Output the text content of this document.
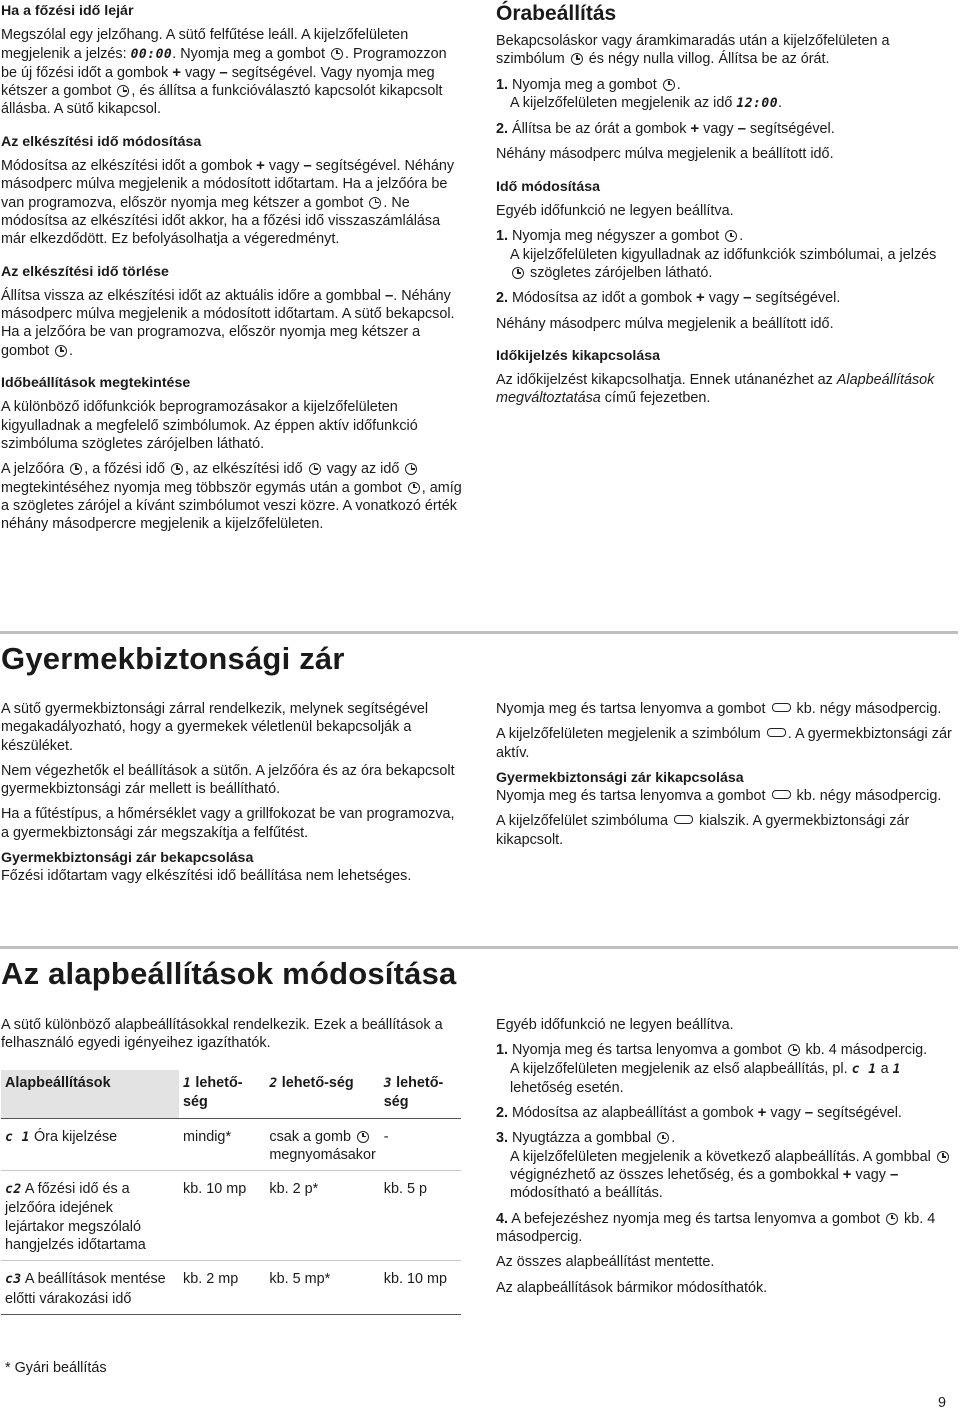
Ha a főzési idő lejár

Megszólal egy jelzőhang. A sütő felfűtése leáll. A kijelzőfelületen megjelenik a jelzés: 00:00. Nyomja meg a gombot . Programozzon be új főzési időt a gombok + vagy – segítségével. Vagy nyomja meg kétszer a gombot , és állítsa a funkcióválasztó kapcsolót kikapcsolt állásba. A sütő kikapcsol.

Az elkészítési idő módosítása

Módosítsa az elkészítési időt a gombok + vagy – segítségével. Néhány másodperc múlva megjelenik a módosított időtartam. Ha a jelzőóra be van programozva, először nyomja meg kétszer a gombot . Ne módosítsa az elkészítési időt akkor, ha a főzési idő visszaszámlálása már elkezdődött. Ez befolyásolhatja a végeredményt.

Az elkészítési idő törlése

Állítsa vissza az elkészítési időt az aktuális időre a gombbal –. Néhány másodperc múlva megjelenik a módosított időtartam. A sütő bekapcsol. Ha a jelzőóra be van programozva, először nyomja meg kétszer a gombot .

Időbeállítások megtekintése

A különböző időfunkciók beprogramozásakor a kijelzőfelületen kigyulladnak a megfelelő szimbólumok. Az éppen aktív időfunkció szimbóluma szögletes zárójelben látható.

A jelzőóra , a főzési idő , az elkészítési idő  vagy az idő  megtekintéséhez nyomja meg többször egymás után a gombot , amíg a szögletes zárójel a kívánt szimbólumot veszi közre. A vonatkozó érték néhány másodpercre megjelenik a kijelzőfelületen.

Órabeállítás

Bekapcsoláskor vagy áramkimaradás után a kijelzőfelületen a szimbólum  és négy nulla villog. Állítsa be az órát.

1. Nyomja meg a gombot .
A kijelzőfelületen megjelenik az idő 12:00.
2. Állítsa be az órát a gombok + vagy – segítségével.

Néhány másodperc múlva megjelenik a beállított idő.

Idő módosítása

Egyéb időfunkció ne legyen beállítva.

1. Nyomja meg négyszer a gombot .
A kijelzőfelületen kigyulladnak az időfunkciók szimbólumai, a jelzés  szögletes zárójelben látható.
2. Módosítsa az időt a gombok + vagy – segítségével.

Néhány másodperc múlva megjelenik a beállított idő.

Időkijelzés kikapcsolása

Az időkijelzést kikapcsolhatja. Ennek utánanézhet az Alapbeállítások megváltoztatása című fejezetben.

Gyermekbiztonsági zár

A sütő gyermekbiztonsági zárral rendelkezik, melynek segítségével megakadályozható, hogy a gyermekek véletlenül bekapcsolják a készüléket.

Nem végezhetők el beállítások a sütőn. A jelzőóra és az óra bekapcsolt gyermekbiztonsági zár mellett is beállítható.

Ha a fűtéstípus, a hőmérséklet vagy a grillfokozat be van programozva, a gyermekbiztonsági zár megszakítja a felfűtést.

Gyermekbiztonsági zár bekapcsolása

Főzési időtartam vagy elkészítési idő beállítása nem lehetséges.

Nyomja meg és tartsa lenyomva a gombot  kb. négy másodpercig.

A kijelzőfelületen megjelenik a szimbólum . A gyermekbiztonsági zár aktív.

Gyermekbiztonsági zár kikapcsolása

Nyomja meg és tartsa lenyomva a gombot  kb. négy másodpercig.

A kijelzőfelület szimbóluma  kialszik. A gyermekbiztonsági zár kikapcsolt.

Az alapbeállítások módosítása

A sütő különböző alapbeállításokkal rendelkezik. Ezek a beállítások a felhasználó egyedi igényeihez igazíthatók.

Alapbeállítások	1 lehető-ség	2 lehető-ség	3 lehető-ség
c 1 Óra kijelzése	mindig*	csak a gomb  megnyomásakor	-
c2 A főzési idő és a jelzőóra idejének lejártakor megszólaló hangjelzés időtartama	kb. 10 mp	kb. 2 p*	kb. 5 p
c3 A beállítások mentése előtti várakozási idő	kb. 2 mp	kb. 5 mp*	kb. 10 mp
* Gyári beállítás

Egyéb időfunkció ne legyen beállítva.

1. Nyomja meg és tartsa lenyomva a gombot  kb. 4 másodpercig.
A kijelzőfelületen megjelenik az első alapbeállítás, pl. c 1 a 1 lehetőség esetén.
2. Módosítsa az alapbeállítást a gombok + vagy – segítségével.
3. Nyugtázza a gombbal .
A kijelzőfelületen megjelenik a következő alapbeállítás. A gombbal  végignézhető az összes lehetőség, és a gombokkal + vagy – módosítható a beállítás.
4. A befejezéshez nyomja meg és tartsa lenyomva a gombot  kb. 4 másodpercig.

Az összes alapbeállítást mentette.

Az alapbeállítások bármikor módosíthatók.

9
